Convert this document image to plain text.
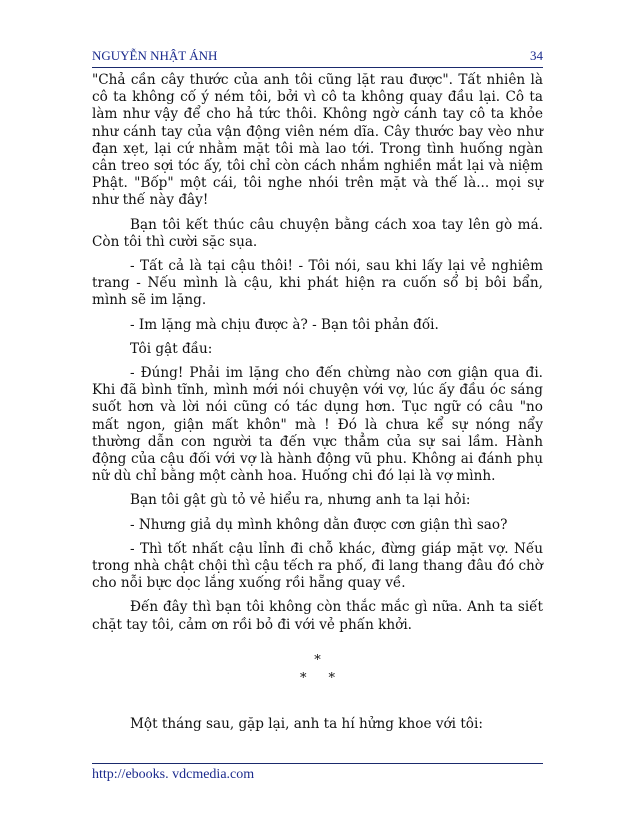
NGUYỄN NHẬT ÁNH	34

"Chả cần cây thước của anh tôi cũng lặt rau được". Tất nhiên là cô ta không cố ý ném tôi, bởi vì cô ta không quay đầu lại. Cô ta làm như vậy để cho hả tức thôi. Không ngờ cánh tay cô ta khỏe như cánh tay của vận động viên ném dĩa. Cây thước bay vèo như đạn xẹt, lại cứ nhằm mặt tôi mà lao tới. Trong tình huống ngàn cân treo sợi tóc ấy, tôi chỉ còn cách nhắm nghiền mắt lại và niệm Phật. "Bốp" một cái, tôi nghe nhói trên mặt và thế là... mọi sự như thế này đây!

Bạn tôi kết thúc câu chuyện bằng cách xoa tay lên gò má. Còn tôi thì cười sặc sụa.

- Tất cả là tại cậu thôi! - Tôi nói, sau khi lấy lại vẻ nghiêm trang - Nếu mình là cậu, khi phát hiện ra cuốn sổ bị bôi bẩn, mình sẽ im lặng.

- Im lặng mà chịu được à? - Bạn tôi phản đối.

Tôi gật đầu:

- Đúng! Phải im lặng cho đến chừng nào cơn giận qua đi. Khi đã bình tĩnh, mình mới nói chuyện với vợ, lúc ấy đầu óc sáng suốt hơn và lời nói cũng có tác dụng hơn. Tục ngữ có câu "no mất ngon, giận mất khôn" mà ! Đó là chưa kể sự nóng nẩy thường dẫn con người ta đến vực thẳm của sự sai lầm. Hành động của cậu đối với vợ là hành động vũ phu. Không ai đánh phụ nữ dù chỉ bằng một cành hoa. Huống chi đó lại là vợ mình.

Bạn tôi gật gù tỏ vẻ hiểu ra, nhưng anh ta lại hỏi:

- Nhưng giả dụ mình không dằn được cơn giận thì sao?

- Thì tốt nhất cậu lỉnh đi chỗ khác, đừng giáp mặt vợ. Nếu trong nhà chật chội thì cậu tếch ra phố, đi lang thang đâu đó chờ cho nỗi bực dọc lắng xuống rồi hẵng quay về.

Đến đây thì bạn tôi không còn thắc mắc gì nữa. Anh ta siết chặt tay tôi, cảm ơn rồi bỏ đi với vẻ phấn khởi.

*
* *

Một tháng sau, gặp lại, anh ta hí hửng khoe với tôi:

http://ebooks. vdcmedia.com
